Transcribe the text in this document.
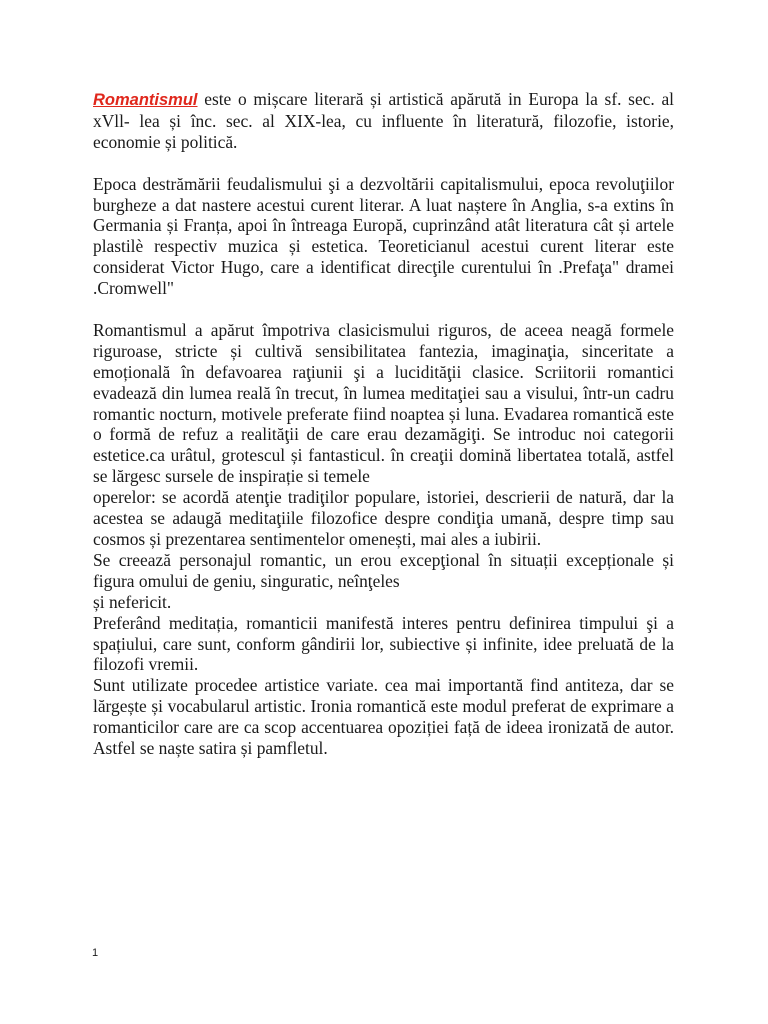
Romantismul este o mișcare literară și artistică apărută in Europa la sf. sec. al xVll- lea și înc. sec. al XIX-lea, cu influente în literatură, filozofie, istorie, economie și politică.

Epoca destrămării feudalismului şi a dezvoltării capitalismului, epoca revoluţiilor burgheze a dat nastere acestui curent literar. A luat naștere în Anglia, s-a extins în Germania și Franța, apoi în întreaga Europă, cuprinzând atât literatura cât și artele plastilè respectiv muzica și estetica. Teoreticianul acestui curent literar este considerat Victor Hugo, care a identificat direcţile curentului în .Prefaţa" dramei .Cromwell"

Romantismul a apărut împotriva clasicismului riguros, de aceea neagă formele riguroase, stricte și cultivă sensibilitatea fantezia, imaginaţia, sinceritate a emoțională în defavoarea raţiunii şi a lucidităţii clasice. Scriitorii romantici evadează din lumea reală în trecut, în lumea meditaţiei sau a visului, într-un cadru romantic nocturn, motivele preferate fiind noaptea și luna. Evadarea romantică este o formă de refuz a realităţii de care erau dezamăgiţi. Se introduc noi categorii estetice.ca urâtul, grotescul și fantasticul. în creaţii domină libertatea totală, astfel se lărgesc sursele de inspirație si temele

operelor: se acordă atenţie tradiţilor populare, istoriei, descrierii de natură, dar la acestea se adaugă meditaţiile filozofice despre condiţia umană, despre timp sau cosmos și prezentarea sentimentelor omenești, mai ales a iubirii.

Se creează personajul romantic, un erou excepţional în situații excepționale și figura omului de geniu, singuratic, neînţeles

și nefericit.

Preferând meditația, romanticii manifestă interes pentru definirea timpului şi a spațiului, care sunt, conform gândirii lor, subiective și infinite, idee preluată de la filozofi vremii.

Sunt utilizate procedee artistice variate. cea mai importantă find antiteza, dar se lărgește și vocabularul artistic. Ironia romantică este modul preferat de exprimare a romanticilor care are ca scop accentuarea opoziției față de ideea ironizată de autor. Astfel se naște satira și pamfletul.

1
